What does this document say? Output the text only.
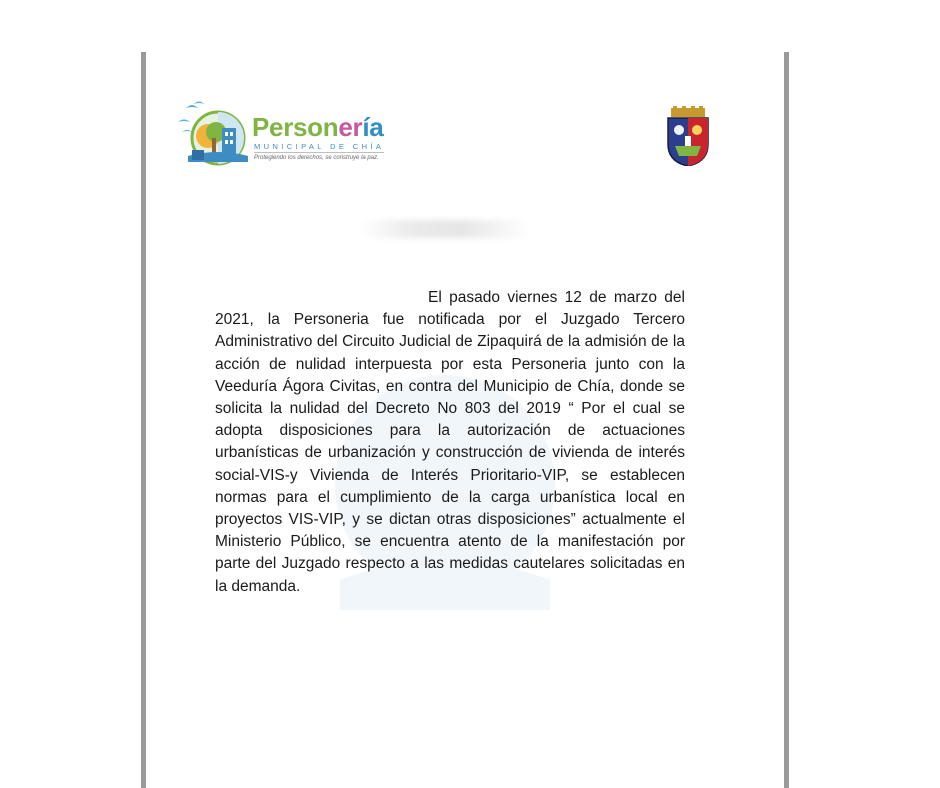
Personería
MUNICIPAL DE CHÍA
Protegiendo los derechos, se construye la paz.
El pasado viernes 12 de marzo del 2021, la Personeria fue notificada por el Juzgado Tercero Administrativo del Circuito Judicial de Zipaquirá de la admisión de la acción de nulidad interpuesta por esta Personeria junto con la Veeduría Ágora Civitas, en contra del Municipio de Chía, donde se solicita la nulidad del Decreto No 803 del 2019 “ Por el cual se adopta disposiciones para la autorización de actuaciones urbanísticas de urbanización y construcción de vivienda de interés social-VIS-y Vivienda de Interés Prioritario-VIP, se establecen normas para el cumplimiento de la carga urbanística local en proyectos VIS-VIP, y se dictan otras disposiciones” actualmente el Ministerio Público, se encuentra atento de la manifestación por parte del Juzgado respecto a las medidas cautelares solicitadas en la demanda.
